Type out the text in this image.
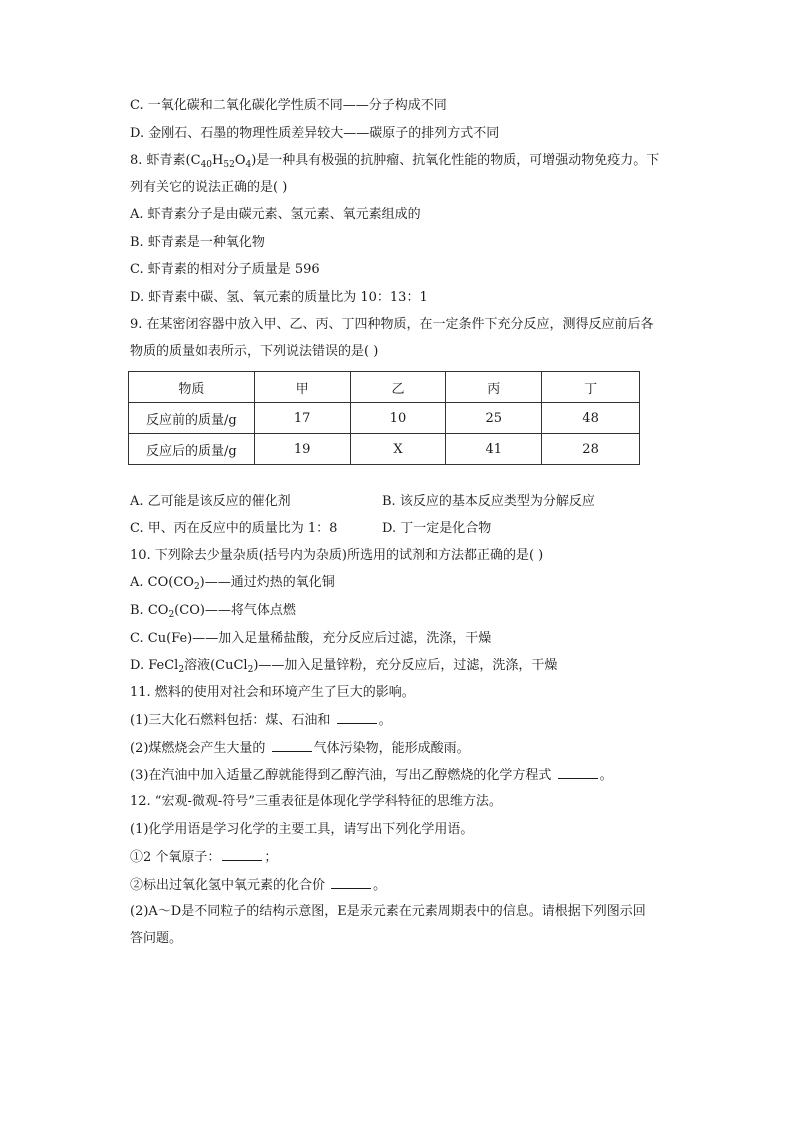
C. 一氧化碳和二氧化碳化学性质不同——分子构成不同
D. 金刚石、石墨的物理性质差异较大——碳原子的排列方式不同
8. 虾青素$(C_{40}H_{52}O_4)$是一种具有极强的抗肿瘤、抗氧化性能的物质，可增强动物免疫力。下
列有关它的说法正确的是( )
A. 虾青素分子是由碳元素、氢元素、氧元素组成的
B. 虾青素是一种氧化物
C. 虾青素的相对分子质量是 596
D. 虾青素中碳、氢、氧元素的质量比为 10：13：1
9. 在某密闭容器中放入甲、乙、丙、丁四种物质，在一定条件下充分反应，测得反应前后各
物质的质量如表所示，下列说法错误的是( )
物质	甲	乙	丙	丁
反应前的质量/g	17	10	25	48
反应后的质量/g	19	X	41	28
A. 乙可能是该反应的催化剂	B. 该反应的基本反应类型为分解反应
C. 甲、丙在反应中的质量比为 1：8	D. 丁一定是化合物
10. 下列除去少量杂质(括号内为杂质)所选用的试剂和方法都正确的是( )
A. $CO(CO_2)——$通过灼热的氧化铜
B. $CO_2(CO)——$将气体点燃
C. Cu(Fe)——加入足量稀盐酸，充分反应后过滤，洗涤，干燥
D. FeCl$_2$溶液(CuCl$_2$)——加入足量锌粉，充分反应后，过滤，洗涤，干燥
11. 燃料的使用对社会和环境产生了巨大的影响。
(1)三大化石燃料包括：煤、石油和	。
(2)煤燃烧会产生大量的	气体污染物，能形成酸雨。
(3)在汽油中加入适量乙醇就能得到乙醇汽油，写出乙醇燃烧的化学方程式	。
12. “宏观-微观-符号”三重表征是体现化学学科特征的思维方法。
(1)化学用语是学习化学的主要工具，请写出下列化学用语。
①2 个氧原子：	；
②标出过氧化氢中氧元素的化合价	。
(2)A～D是不同粒子的结构示意图，E是汞元素在元素周期表中的信息。请根据下列图示回
答问题。
